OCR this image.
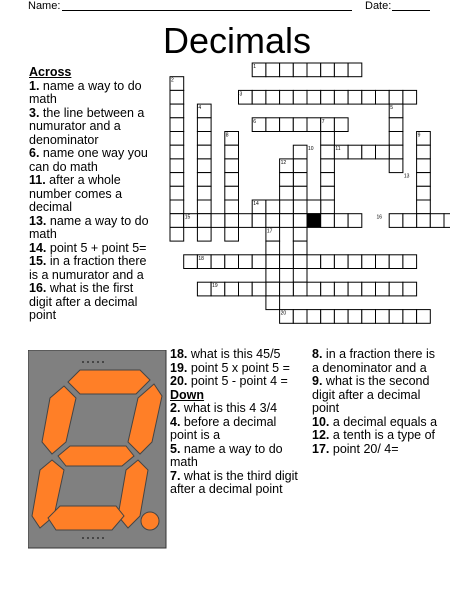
Name:	Date:
Decimals
Across
1. name a way to do math
3. the line between a numurator and a denominator
6. name one way you can do math
11. after a whole number comes a decimal
13. name a way to do math
14. point 5 + point 5=
15. in a fraction there is a numurator and a
16. what is the first digit after a decimal point
18. what is this 45/5
19. point 5 x point 5 =
20. point 5 - point 4 =
Down
2. what is this 4 3/4
4. before a decimal point is a
5. name a way to do math
7. what is the third digit after a decimal point
8. in a fraction there is a denominator and a
9. what is the second digit after a decimal point
10. a decimal equals a
12. a tenth is a type of
17. point 20/ 4=
1
2
3
4	5
6	7
8	9
10	11
12
13
14
15	16
17
18
19
20
